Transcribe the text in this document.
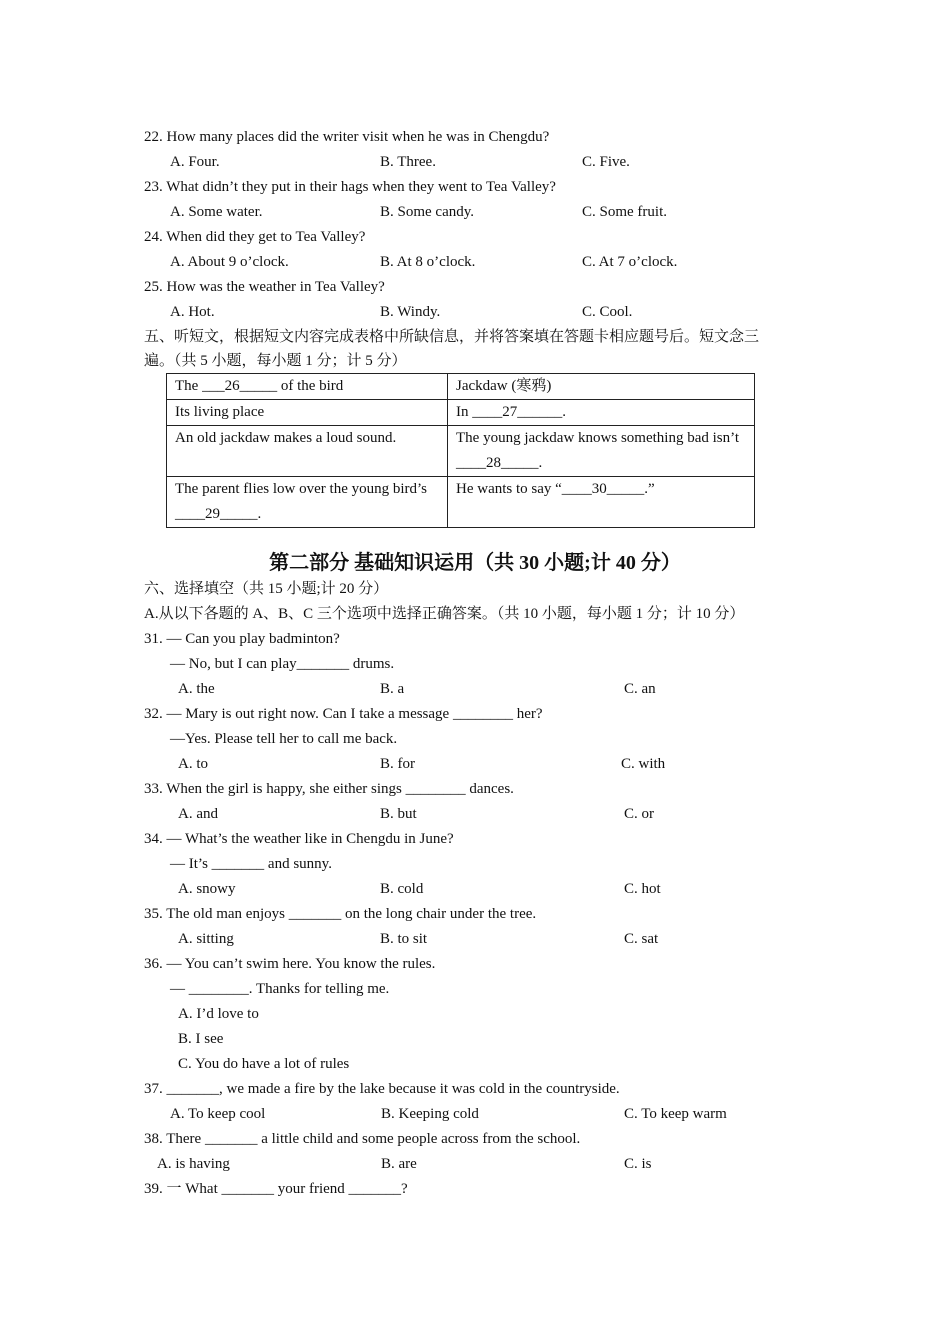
22. How many places did the writer visit when he was in Chengdu?
A. Four.	B. Three.	C. Five.
23. What didn’t they put in their hags when they went to Tea Valley?
A. Some water.	B. Some candy.	C. Some fruit.
24. When did they get to Tea Valley?
A. About 9 o’clock.	B. At 8 o’clock.	C. At 7 o’clock.
25. How was the weather in Tea Valley?
A. Hot.	B. Windy.	C. Cool.
五、听短文，根据短文内容完成表格中所缺信息，并将答案填在答题卡相应题号后。短文念三
遍。（共 5 小题，每小题 1 分；计 5 分）
The ___26_____ of the bird	Jackdaw (寒鸦)
Its living place	In ____27______.
An old jackdaw makes a loud sound.	The young jackdaw knows something bad isn’t ____28_____.
The parent flies low over the young bird’s ____29_____.	He wants to say “____30_____.”
第二部分 基础知识运用（共 30 小题;计 40 分）
六、选择填空（共 15 小题;计 20 分）
A.从以下各题的 A、B、C 三个选项中选择正确答案。（共 10 小题，每小题 1 分；计 10 分）
31. — Can you play badminton?
— No, but I can play_______ drums.
A. the	B. a	C. an
32. — Mary is out right now. Can I take a message ________ her?
—Yes. Please tell her to call me back.
A. to	B. for	C. with
33. When the girl is happy, she either sings ________ dances.
A. and	B. but	C. or
34. — What’s the weather like in Chengdu in June?
— It’s _______ and sunny.
A. snowy	B. cold	C. hot
35. The old man enjoys _______ on the long chair under the tree.
A. sitting	B. to sit	C. sat
36. — You can’t swim here. You know the rules.
— ________. Thanks for telling me.
A. I’d love to
B. I see
C. You do have a lot of rules
37. _______, we made a fire by the lake because it was cold in the countryside.
A. To keep cool	B. Keeping cold	C. To keep warm
38. There _______ a little child and some people across from the school.
A. is having	B. are	C. is
39. 一 What _______ your friend _______?
